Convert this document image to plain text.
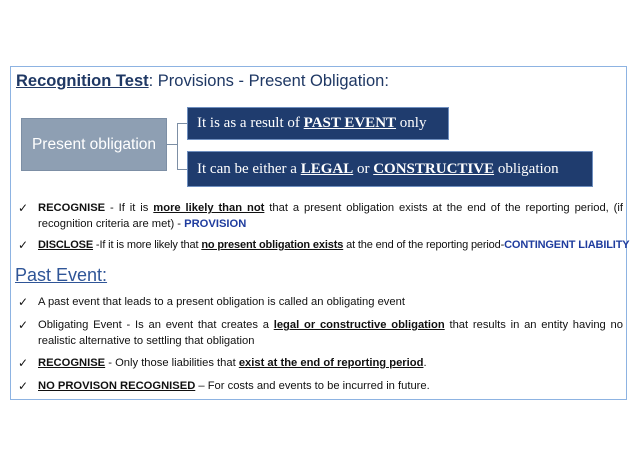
Recognition Test: Provisions - Present Obligation:
Present obligation
It is as a result of PAST EVENT only
It can be either a LEGAL or CONSTRUCTIVE obligation
✓ RECOGNISE - If it is more likely than not that a present obligation exists at the end of the reporting period, (if recognition criteria are met) - PROVISION
✓ DISCLOSE -If it is more likely that no present obligation exists at the end of the reporting period-CONTINGENT LIABILITY
Past Event:
✓ A past event that leads to a present obligation is called an obligating event
✓ Obligating Event - Is an event that creates a legal or constructive obligation that results in an entity having no realistic alternative to settling that obligation
✓ RECOGNISE - Only those liabilities that exist at the end of reporting period.
✓ NO PROVISON RECOGNISED – For costs and events to be incurred in future.
